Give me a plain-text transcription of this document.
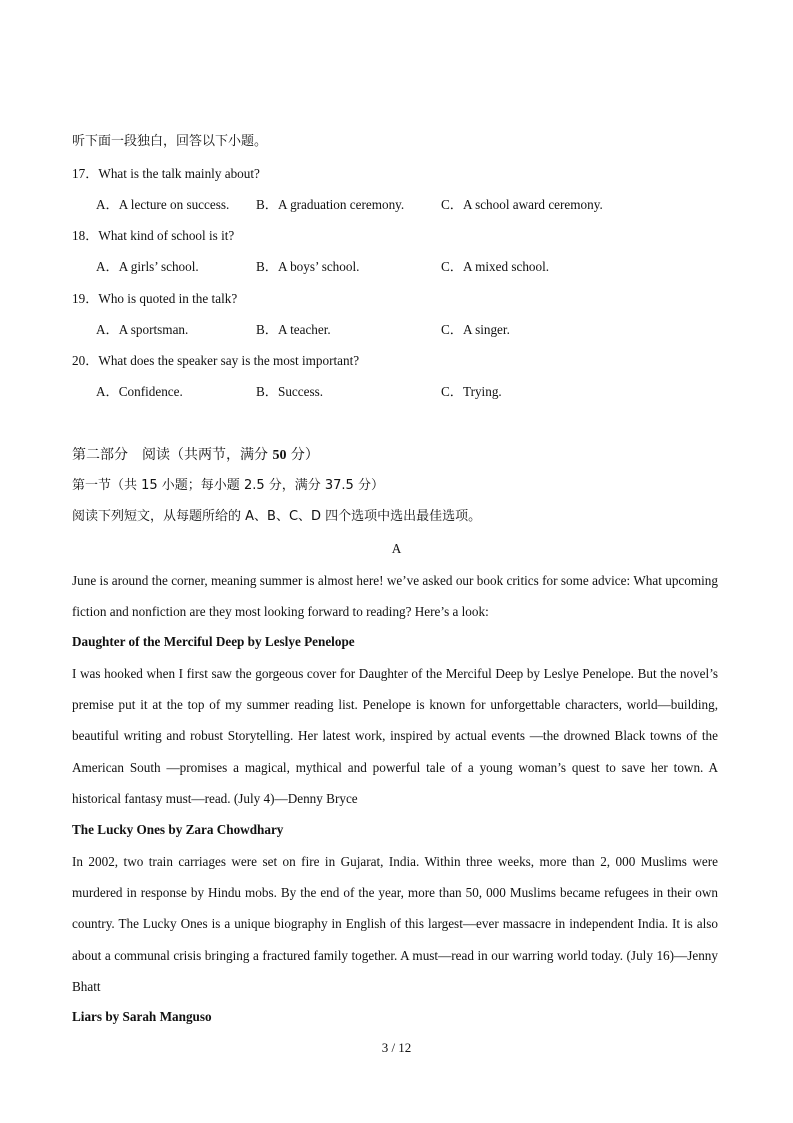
听下面一段独白，回答以下小题。
17．What is the talk mainly about?
A．A lecture on success. B．A graduation ceremony.	C．A school award ceremony.
18．What kind of school is it?
A．A girls’ school.	B．A boys’ school.	C．A mixed school.
19．Who is quoted in the talk?
A．A sportsman.	B．A teacher.	C．A singer.
20．What does the speaker say is the most important?
A．Confidence.	B．Success.	C．Trying.
第二部分　阅读（共两节，满分 50 分）
第一节（共 15 小题；每小题 2.5 分，满分 37.5 分）
阅读下列短文，从每题所给的 A、B、C、D 四个选项中选出最佳选项。
A
June is around the corner, meaning summer is almost here! we’ve asked our book critics for some advice: What upcoming fiction and nonfiction are they most looking forward to reading? Here’s a look:
Daughter of the Merciful Deep by Leslye Penelope
I was hooked when I first saw the gorgeous cover for Daughter of the Merciful Deep by Leslye Penelope. But the novel’s premise put it at the top of my summer reading list. Penelope is known for unforgettable characters, world—building, beautiful writing and robust Storytelling. Her latest work, inspired by actual events —the drowned Black towns of the American South —promises a magical, mythical and powerful tale of a young woman’s quest to save her town. A historical fantasy must—read. (July 4)—Denny Bryce
The Lucky Ones by Zara Chowdhary
In 2002, two train carriages were set on fire in Gujarat, India. Within three weeks, more than 2, 000 Muslims were murdered in response by Hindu mobs. By the end of the year, more than 50, 000 Muslims became refugees in their own country. The Lucky Ones is a unique biography in English of this largest—ever massacre in independent India. It is also about a communal crisis bringing a fractured family together. A must—read in our warring world today. (July 16)—Jenny Bhatt
Liars by Sarah Manguso
3 / 12
